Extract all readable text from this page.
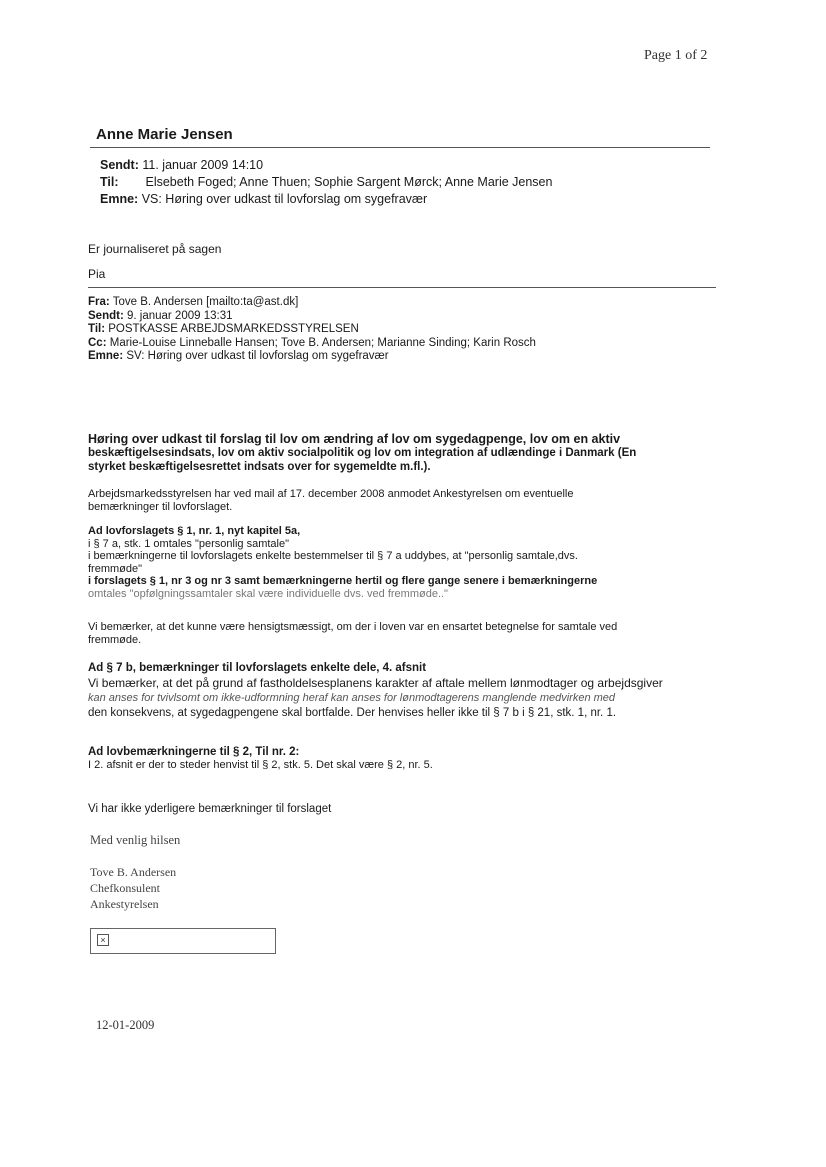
Page 1 of 2
Anne Marie Jensen
Sendt: 11. januar 2009 14:10
Til: Elsebeth Foged; Anne Thuen; Sophie Sargent Mørck; Anne Marie Jensen
Emne: VS: Høring over udkast til lovforslag om sygefravær
Er journaliseret på sagen
Pia
Fra: Tove B. Andersen [mailto:ta@ast.dk]
Sendt: 9. januar 2009 13:31
Til: POSTKASSE ARBEJDSMARKEDSSTYRELSEN
Cc: Marie-Louise Linneballe Hansen; Tove B. Andersen; Marianne Sinding; Karin Rosch
Emne: SV: Høring over udkast til lovforslag om sygefravær
Høring over udkast til forslag til lov om ændring af lov om sygedagpenge, lov om en aktiv
beskæftigelsesindsats, lov om aktiv socialpolitik og lov om integration af udlændinge i Danmark (En
styrket beskæftigelsesrettet indsats over for sygemeldte m.fl.).
Arbejdsmarkedsstyrelsen har ved mail af 17. december 2008 anmodet Ankestyrelsen om eventuelle
bemærkninger til lovforslaget.
Ad lovforslagets § 1, nr. 1, nyt kapitel 5a,
i § 7 a, stk. 1 omtales "personlig samtale"
i bemærkningerne til lovforslagets enkelte bestemmelser til § 7 a uddybes, at "personlig samtale,dvs.
fremmøde"
i forslagets § 1, nr 3 og nr 3 samt bemærkningerne hertil og flere gange senere i bemærkningerne
omtales "opfølgningssamtaler skal være individuelle dvs. ved fremmøde.."
Vi bemærker, at det kunne være hensigtsmæssigt, om der i loven var en ensartet betegnelse for samtale ved
fremmøde.
Ad § 7 b, bemærkninger til lovforslagets enkelte dele, 4. afsnit
Vi bemærker, at det på grund af fastholdelsesplanens karakter af aftale mellem lønmodtager og arbejdsgiver
kan anses for tvivlsomt om ikke-udformning heraf kan anses for lønmodtagerens manglende medvirken med
den konsekvens, at sygedagpengene skal bortfalde. Der henvises heller ikke til § 7 b i § 21, stk. 1, nr. 1.
Ad lovbemærkningerne til § 2, Til nr. 2:
I 2. afsnit er der to steder henvist til § 2, stk. 5. Det skal være § 2, nr. 5.
Vi har ikke yderligere bemærkninger til forslaget
Med venlig hilsen
Tove B. Andersen
Chefkonsulent
Ankestyrelsen
×
12-01-2009
